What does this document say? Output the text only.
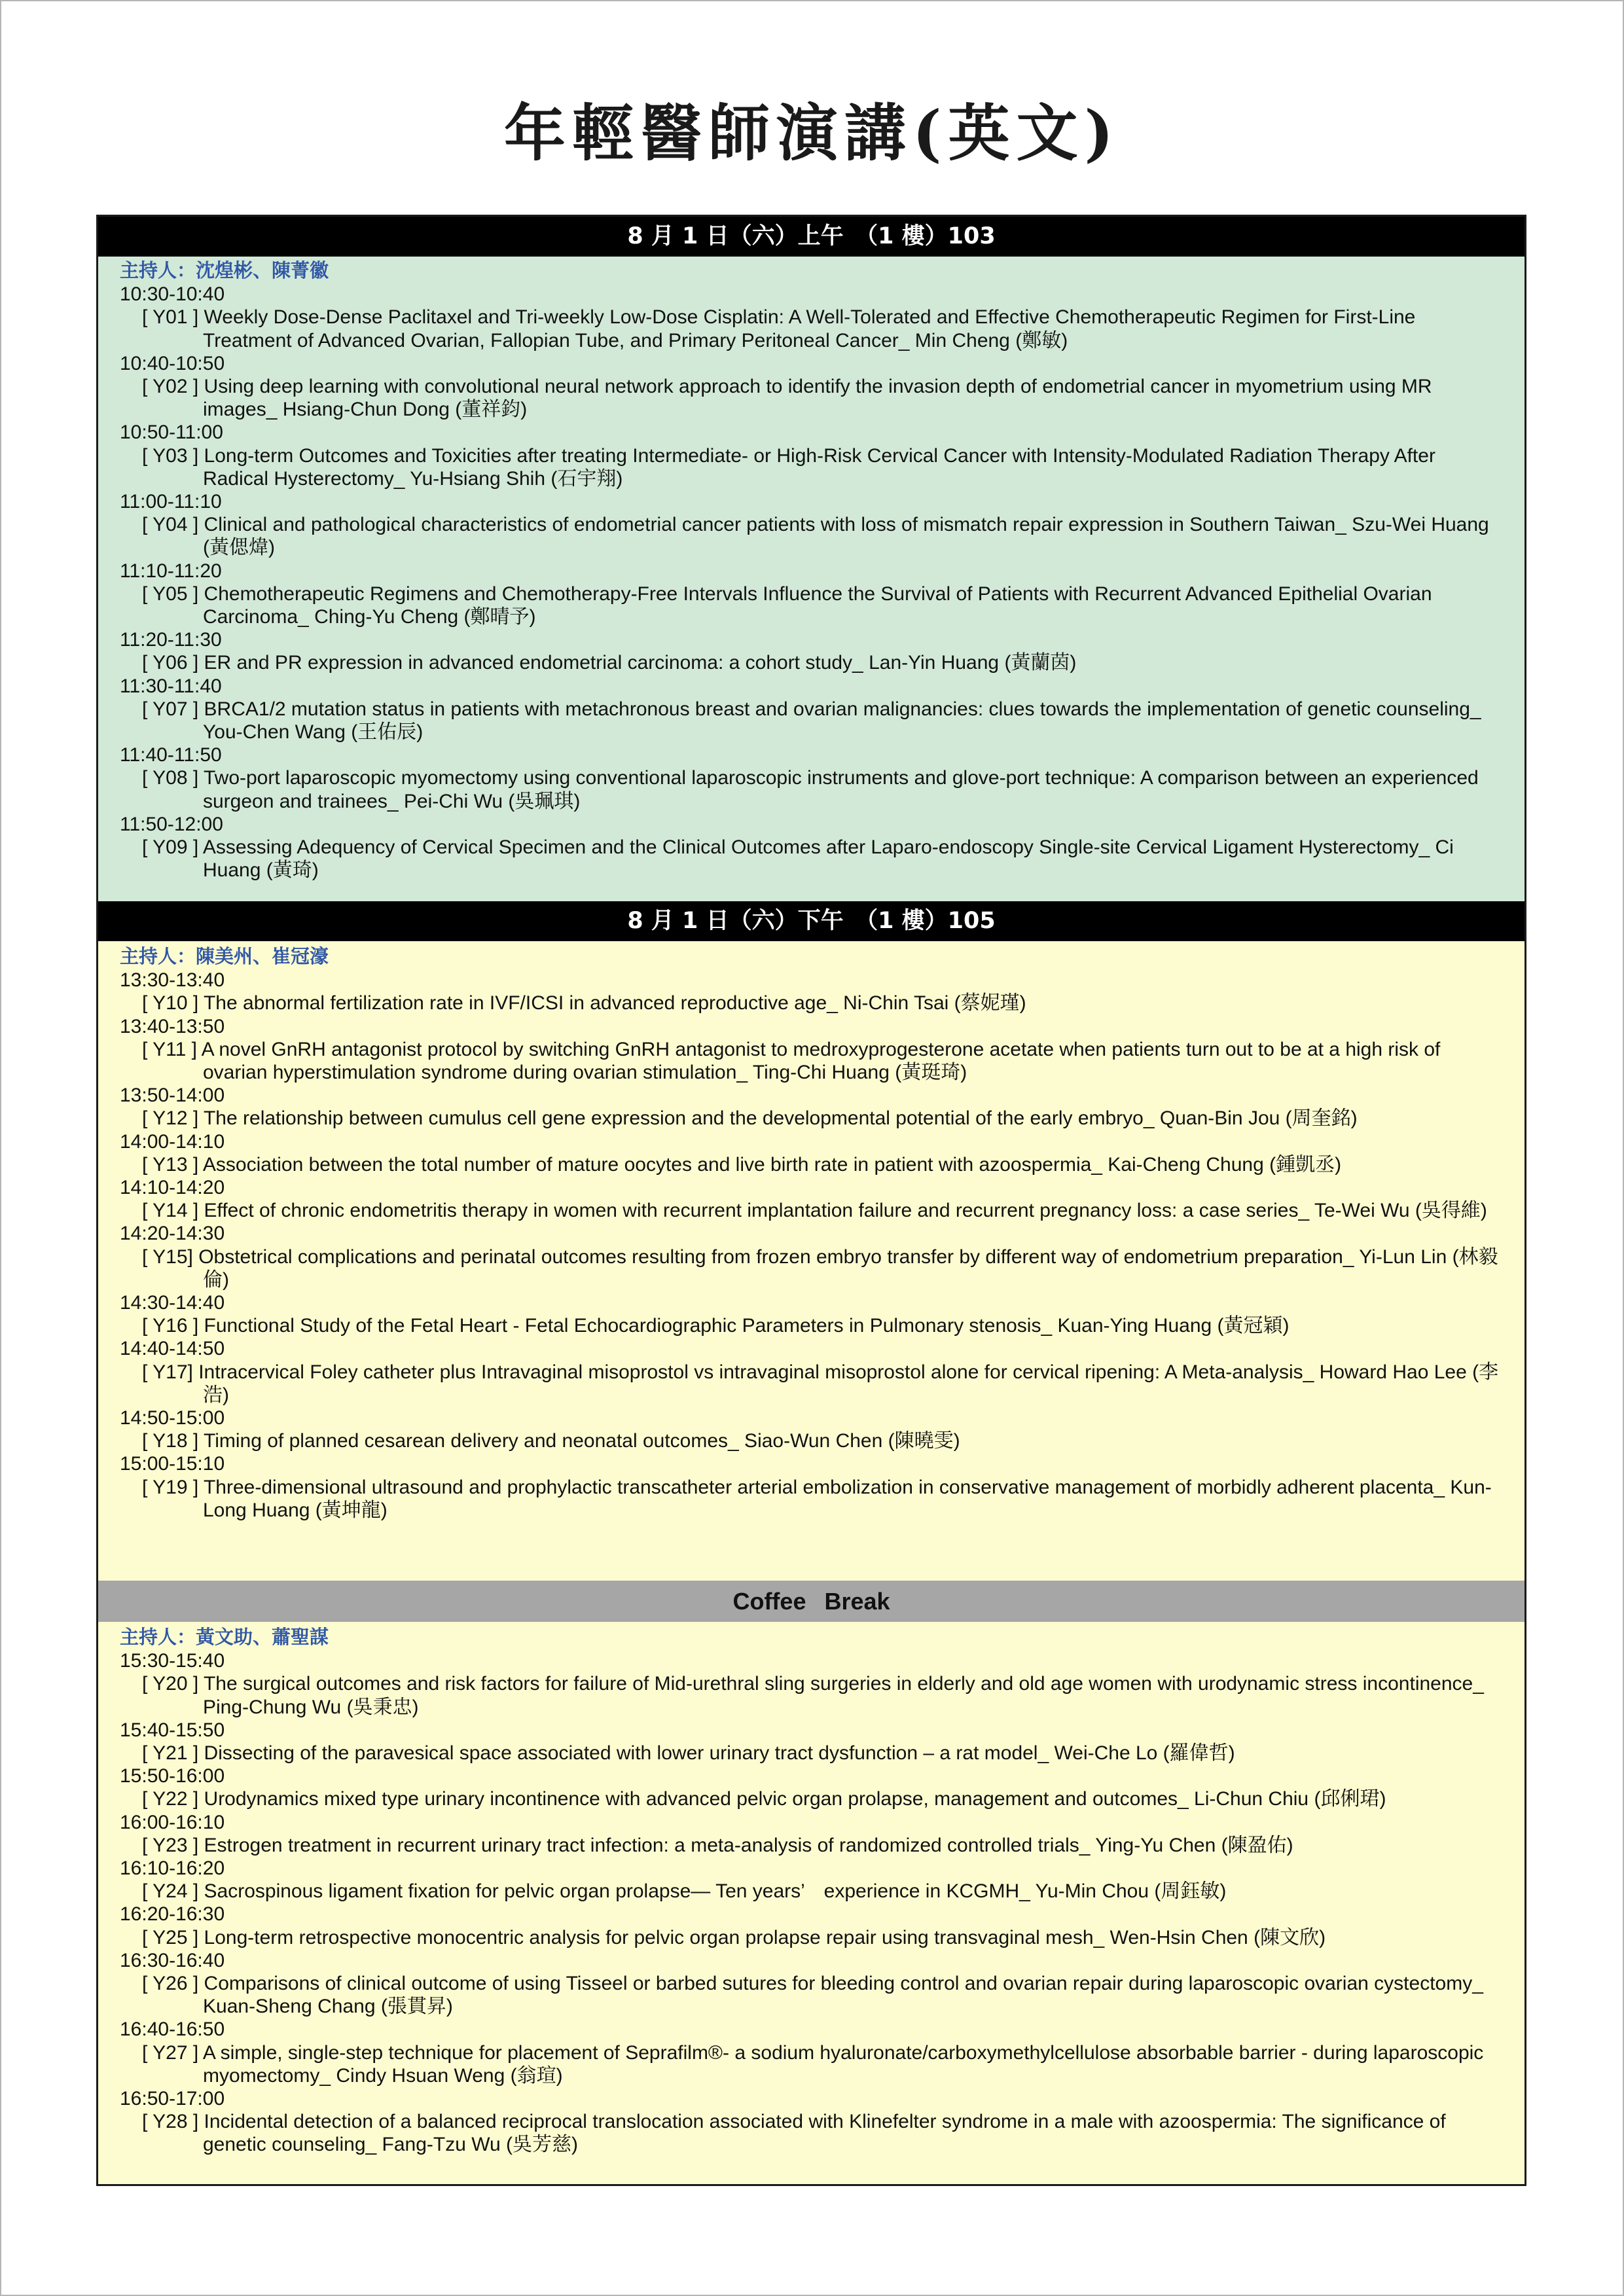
年輕醫師演講(英文)
8 月 1 日（六）上午　（1 樓）103
主持人：沈煌彬、陳菁徽
10:30-10:40
[ Y01 ] Weekly Dose-Dense Paclitaxel and Tri-weekly Low-Dose Cisplatin: A Well-Tolerated and Effective Chemotherapeutic Regimen for First-Line Treatment of Advanced Ovarian, Fallopian Tube, and Primary Peritoneal Cancer_ Min Cheng (鄭敏)
10:40-10:50
[ Y02 ] Using deep learning with convolutional neural network approach to identify the invasion depth of endometrial cancer in myometrium using MR images_ Hsiang-Chun Dong (董祥鈞)
10:50-11:00
[ Y03 ] Long-term Outcomes and Toxicities after treating Intermediate- or High-Risk Cervical Cancer with Intensity-Modulated Radiation Therapy After Radical Hysterectomy_ Yu-Hsiang Shih (石宇翔)
11:00-11:10
[ Y04 ] Clinical and pathological characteristics of endometrial cancer patients with loss of mismatch repair expression in Southern Taiwan_ Szu-Wei Huang (黃偲煒)
11:10-11:20
[ Y05 ] Chemotherapeutic Regimens and Chemotherapy-Free Intervals Influence the Survival of Patients with Recurrent Advanced Epithelial Ovarian Carcinoma_ Ching-Yu Cheng (鄭晴予)
11:20-11:30
[ Y06 ] ER and PR expression in advanced endometrial carcinoma: a cohort study_ Lan-Yin Huang (黃蘭茵)
11:30-11:40
[ Y07 ] BRCA1/2 mutation status in patients with metachronous breast and ovarian malignancies: clues towards the implementation of genetic counseling_ You-Chen Wang (王佑辰)
11:40-11:50
[ Y08 ] Two-port laparoscopic myomectomy using conventional laparoscopic instruments and glove-port technique: A comparison between an experienced surgeon and trainees_ Pei-Chi Wu (吳珮琪)
11:50-12:00
[ Y09 ] Assessing Adequency of Cervical Specimen and the Clinical Outcomes after Laparo-endoscopy Single-site Cervical Ligament Hysterectomy_ Ci Huang (黃琦)
8 月 1 日（六）下午　（1 樓）105
主持人：陳美州、崔冠濠
13:30-13:40
[ Y10 ] The abnormal fertilization rate in IVF/ICSI in advanced reproductive age_ Ni-Chin Tsai (蔡妮瑾)
13:40-13:50
[ Y11 ] A novel GnRH antagonist protocol by switching GnRH antagonist to medroxyprogesterone acetate when patients turn out to be at a high risk of ovarian hyperstimulation syndrome during ovarian stimulation_ Ting-Chi Huang (黃珽琦)
13:50-14:00
[ Y12 ] The relationship between cumulus cell gene expression and the developmental potential of the early embryo_ Quan-Bin Jou (周奎銘)
14:00-14:10
[ Y13 ] Association between the total number of mature oocytes and live birth rate in patient with azoospermia_ Kai-Cheng Chung (鍾凱丞)
14:10-14:20
[ Y14 ] Effect of chronic endometritis therapy in women with recurrent implantation failure and recurrent pregnancy loss: a case series_ Te-Wei Wu (吳得維)
14:20-14:30
[ Y15] Obstetrical complications and perinatal outcomes resulting from frozen embryo transfer by different way of endometrium preparation_ Yi-Lun Lin (林毅倫)
14:30-14:40
[ Y16 ] Functional Study of the Fetal Heart - Fetal Echocardiographic Parameters in Pulmonary stenosis_ Kuan-Ying Huang (黃冠穎)
14:40-14:50
[ Y17] Intracervical Foley catheter plus Intravaginal misoprostol vs intravaginal misoprostol alone for cervical ripening: A Meta-analysis_ Howard Hao Lee (李浩)
14:50-15:00
[ Y18 ] Timing of planned cesarean delivery and neonatal outcomes_ Siao-Wun Chen (陳曉雯)
15:00-15:10
[ Y19 ] Three-dimensional ultrasound and prophylactic transcatheter arterial embolization in conservative management of morbidly adherent placenta_ Kun-Long Huang (黃坤龍)
Coffee Break
主持人：黃文助、蕭聖謀
15:30-15:40
[ Y20 ] The surgical outcomes and risk factors for failure of Mid-urethral sling surgeries in elderly and old age women with urodynamic stress incontinence_ Ping-Chung Wu (吳秉忠)
15:40-15:50
[ Y21 ] Dissecting of the paravesical space associated with lower urinary tract dysfunction – a rat model_ Wei-Che Lo (羅偉哲)
15:50-16:00
[ Y22 ] Urodynamics mixed type urinary incontinence with advanced pelvic organ prolapse, management and outcomes_ Li-Chun Chiu (邱俐珺)
16:00-16:10
[ Y23 ] Estrogen treatment in recurrent urinary tract infection: a meta-analysis of randomized controlled trials_ Ying-Yu Chen (陳盈佑)
16:10-16:20
[ Y24 ] Sacrospinous ligament fixation for pelvic organ prolapse— Ten years’　experience in KCGMH_ Yu-Min Chou (周鈺敏)
16:20-16:30
[ Y25 ] Long-term retrospective monocentric analysis for pelvic organ prolapse repair using transvaginal mesh_ Wen-Hsin Chen (陳文欣)
16:30-16:40
[ Y26 ] Comparisons of clinical outcome of using Tisseel or barbed sutures for bleeding control and ovarian repair during laparoscopic ovarian cystectomy_ Kuan-Sheng Chang (張貫昇)
16:40-16:50
[ Y27 ] A simple, single-step technique for placement of Seprafilm®- a sodium hyaluronate/carboxymethylcellulose absorbable barrier - during laparoscopic myomectomy_ Cindy Hsuan Weng (翁瑄)
16:50-17:00
[ Y28 ] Incidental detection of a balanced reciprocal translocation associated with Klinefelter syndrome in a male with azoospermia: The significance of genetic counseling_ Fang-Tzu Wu (吳芳慈)
